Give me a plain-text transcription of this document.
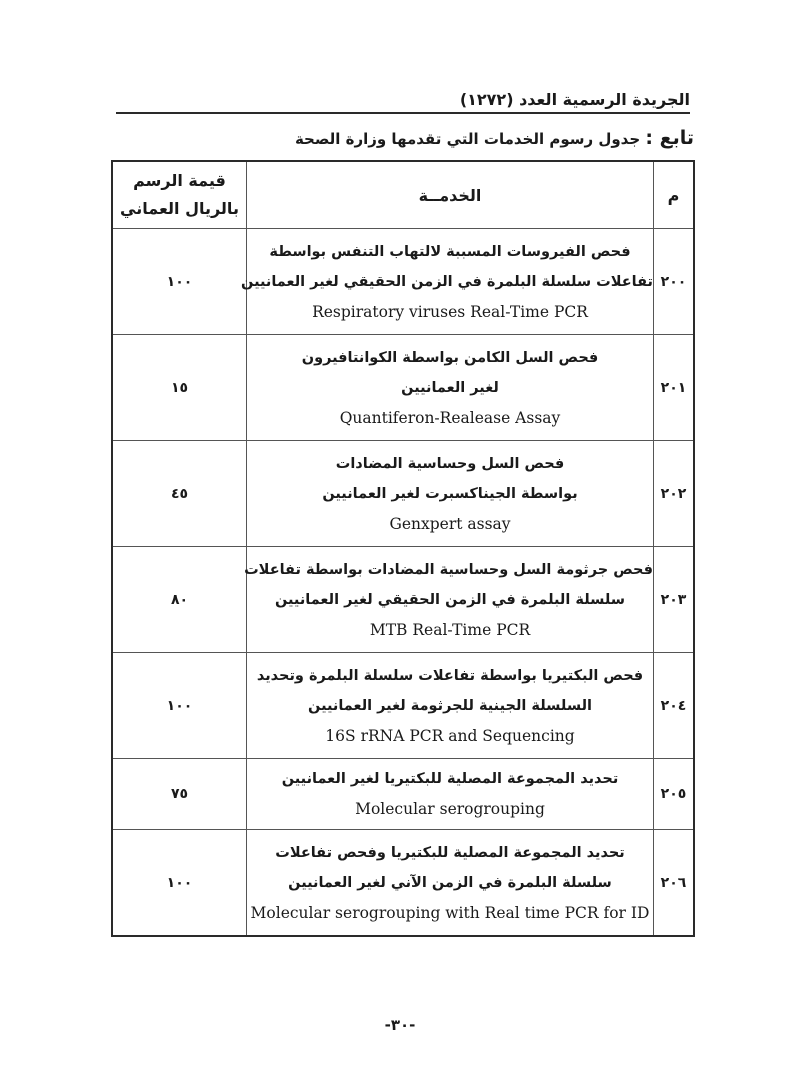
الجريدة الرسمية العدد (١٢٧٢)
تابع : جدول رسوم الخدمات التي تقدمها وزارة الصحة
م	الخدمــة	قيمة الرسم
بالريال العماني

٢٠٠	فحص الفيروسات المسببة لالتهاب التنفس بواسطة
تفاعلات سلسلة البلمرة في الزمن الحقيقي لغير العمانيين
Respiratory viruses Real-Time PCR	١٠٠
٢٠١	فحص السل الكامن بواسطة الكوانتافيرون
لغير العمانيين
Quantiferon-Realease Assay	١٥
٢٠٢	فحص السل وحساسية المضادات
بواسطة الجيناكسبرت لغير العمانيين
Genxpert assay	٤٥
٢٠٣	فحص جرثومة السل وحساسية المضادات بواسطة تفاعلات
سلسلة البلمرة في الزمن الحقيقي لغير العمانيين
MTB Real-Time PCR	٨٠
٢٠٤	فحص البكتيريا بواسطة تفاعلات سلسلة البلمرة وتحديد
السلسلة الجينية للجرثومة لغير العمانيين
16S rRNA PCR and Sequencing	١٠٠
٢٠٥	تحديد المجموعة المصلية للبكتيريا لغير العمانيين
Molecular serogrouping	٧٥
٢٠٦	تحديد المجموعة المصلية للبكتيريا وفحص تفاعلات
سلسلة البلمرة في الزمن الآني لغير العمانيين
Molecular serogrouping with Real time PCR for ID	١٠٠
-٣٠-
